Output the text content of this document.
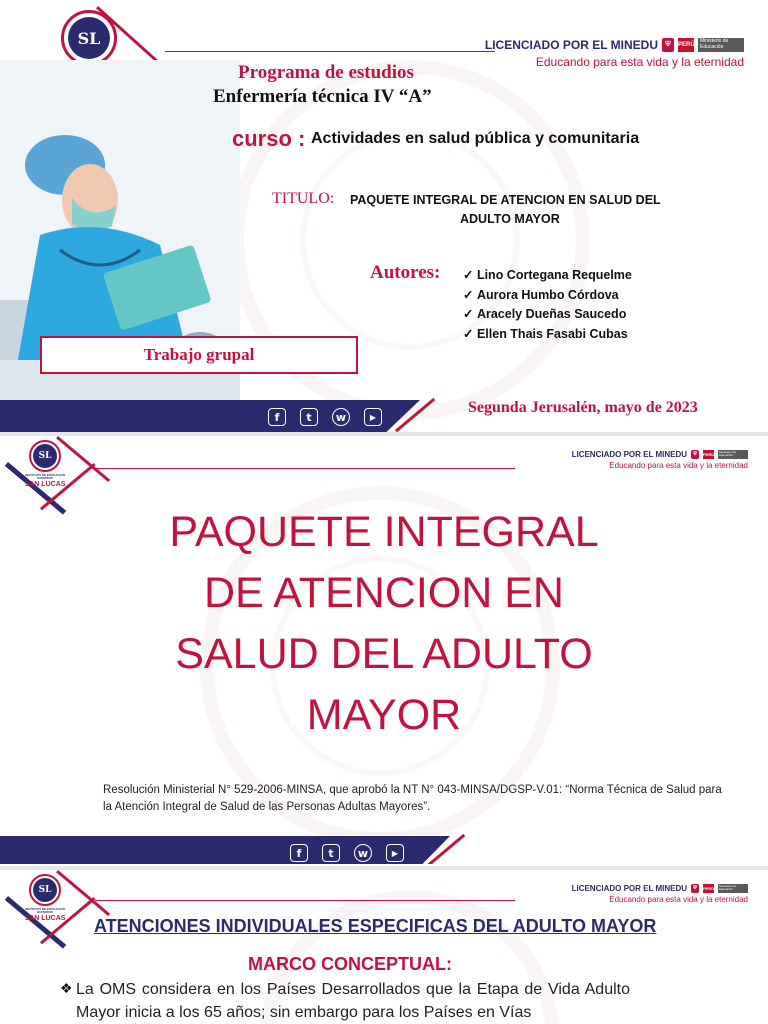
SL	LICENCIADO POR EL MINEDU	⛨	PERÚ
Ministerio de Educación
Educando para esta vida y la eternidad
Programa de estudios
Enfermería técnica IV “A”
curso : Actividades en salud pública y comunitaria
TITULO: PAQUETE INTEGRAL DE ATENCION EN SALUD DEL
ADULTO MAYOR
Autores:
✓	Lino Cortegana Requelme
✓ Aurora Humbo Córdova
✓ Aracely Dueñas Saucedo
✓ Ellen Thais Fasabi Cubas
Trabajo grupal
f	t	w	▶
Segunda Jerusalén, mayo de 2023
SL
INSTITUTO DE EDUCACIÓN SUPERIOR
SAN LUCAS
LICENCIADO POR EL MINEDU	⛨	PERÚ	Ministerio de Educación
Educando para esta vida y la eternidad
PAQUETE INTEGRAL
DE ATENCION EN
SALUD DEL ADULTO
MAYOR
Resolución Ministerial N° 529-2006-MINSA, que aprobó la NT N° 043-MINSA/DGSP-V.01: “Norma Técnica de Salud para la Atención Integral de Salud de las Personas Adultas Mayores”.
f	t	w	▶
SL
INSTITUTO DE EDUCACIÓN SUPERIOR
SAN LUCAS
LICENCIADO POR EL MINEDU	⛨	PERÚ	Ministerio de Educación
Educando para esta vida y la eternidad
ATENCIONES INDIVIDUALES ESPECIFICAS DEL ADULTO MAYOR
MARCO CONCEPTUAL:
❖ La OMS considera en los Países Desarrollados que la Etapa de Vida Adulto Mayor inicia a los 65 años; sin embargo para los Países en Vías
